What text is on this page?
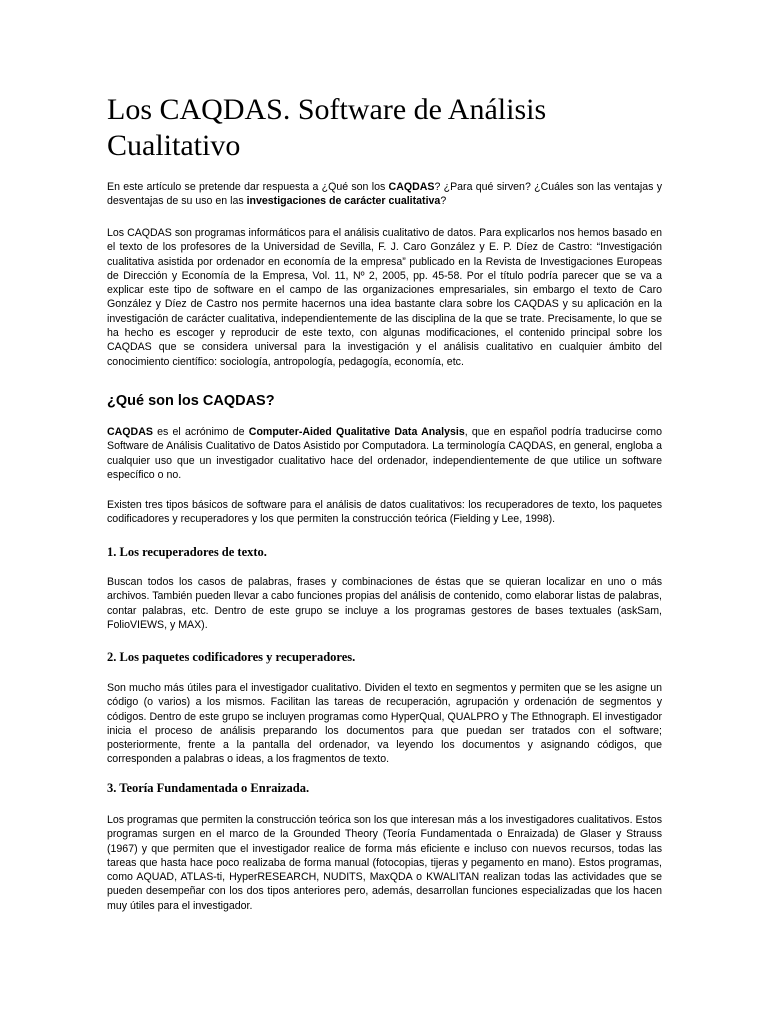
Los CAQDAS. Software de Análisis Cualitativo

En este artículo se pretende dar respuesta a ¿Qué son los CAQDAS? ¿Para qué sirven? ¿Cuáles son las ventajas y desventajas de su uso en las investigaciones de carácter cualitativa?

Los CAQDAS son programas informáticos para el análisis cualitativo de datos. Para explicarlos nos hemos basado en el texto de los profesores de la Universidad de Sevilla, F. J. Caro González y E. P. Díez de Castro: “Investigación cualitativa asistida por ordenador en economía de la empresa” publicado en la Revista de Investigaciones Europeas de Dirección y Economía de la Empresa, Vol. 11, Nº 2, 2005, pp. 45-58. Por el título podría parecer que se va a explicar este tipo de software en el campo de las organizaciones empresariales, sin embargo el texto de Caro González y Díez de Castro nos permite hacernos una idea bastante clara sobre los CAQDAS y su aplicación en la investigación de carácter cualitativa, independientemente de las disciplina de la que se trate. Precisamente, lo que se ha hecho es escoger y reproducir de este texto, con algunas modificaciones, el contenido principal sobre los CAQDAS que se considera universal para la investigación y el análisis cualitativo en cualquier ámbito del conocimiento científico: sociología, antropología, pedagogía, economía, etc.

¿Qué son los CAQDAS?

CAQDAS es el acrónimo de Computer-Aided Qualitative Data Analysis, que en español podría traducirse como Software de Análisis Cualitativo de Datos Asistido por Computadora. La terminología CAQDAS, en general, engloba a cualquier uso que un investigador cualitativo hace del ordenador, independientemente de que utilice un software específico o no.

Existen tres tipos básicos de software para el análisis de datos cualitativos: los recuperadores de texto, los paquetes codificadores y recuperadores y los que permiten la construcción teórica (Fielding y Lee, 1998).

1. Los recuperadores de texto.

Buscan todos los casos de palabras, frases y combinaciones de éstas que se quieran localizar en uno o más archivos. También pueden llevar a cabo funciones propias del análisis de contenido, como elaborar listas de palabras, contar palabras, etc. Dentro de este grupo se incluye a los programas gestores de bases textuales (askSam, FolioVIEWS, y MAX).

2. Los paquetes codificadores y recuperadores.

Son mucho más útiles para el investigador cualitativo. Dividen el texto en segmentos y permiten que se les asigne un código (o varios) a los mismos. Facilitan las tareas de recuperación, agrupación y ordenación de segmentos y códigos. Dentro de este grupo se incluyen programas como HyperQual, QUALPRO y The Ethnograph. El investigador inicia el proceso de análisis preparando los documentos para que puedan ser tratados con el software; posteriormente, frente a la pantalla del ordenador, va leyendo los documentos y asignando códigos, que corresponden a palabras o ideas, a los fragmentos de texto.

3. Teoría Fundamentada o Enraizada.

Los programas que permiten la construcción teórica son los que interesan más a los investigadores cualitativos. Estos programas surgen en el marco de la Grounded Theory (Teoría Fundamentada o Enraizada) de Glaser y Strauss (1967) y que permiten que el investigador realice de forma más eficiente e incluso con nuevos recursos, todas las tareas que hasta hace poco realizaba de forma manual (fotocopias, tijeras y pegamento en mano). Estos programas, como AQUAD, ATLAS-ti, HyperRESEARCH, NUDITS, MaxQDA o KWALITAN realizan todas las actividades que se pueden desempeñar con los dos tipos anteriores pero, además, desarrollan funciones especializadas que los hacen muy útiles para el investigador.
